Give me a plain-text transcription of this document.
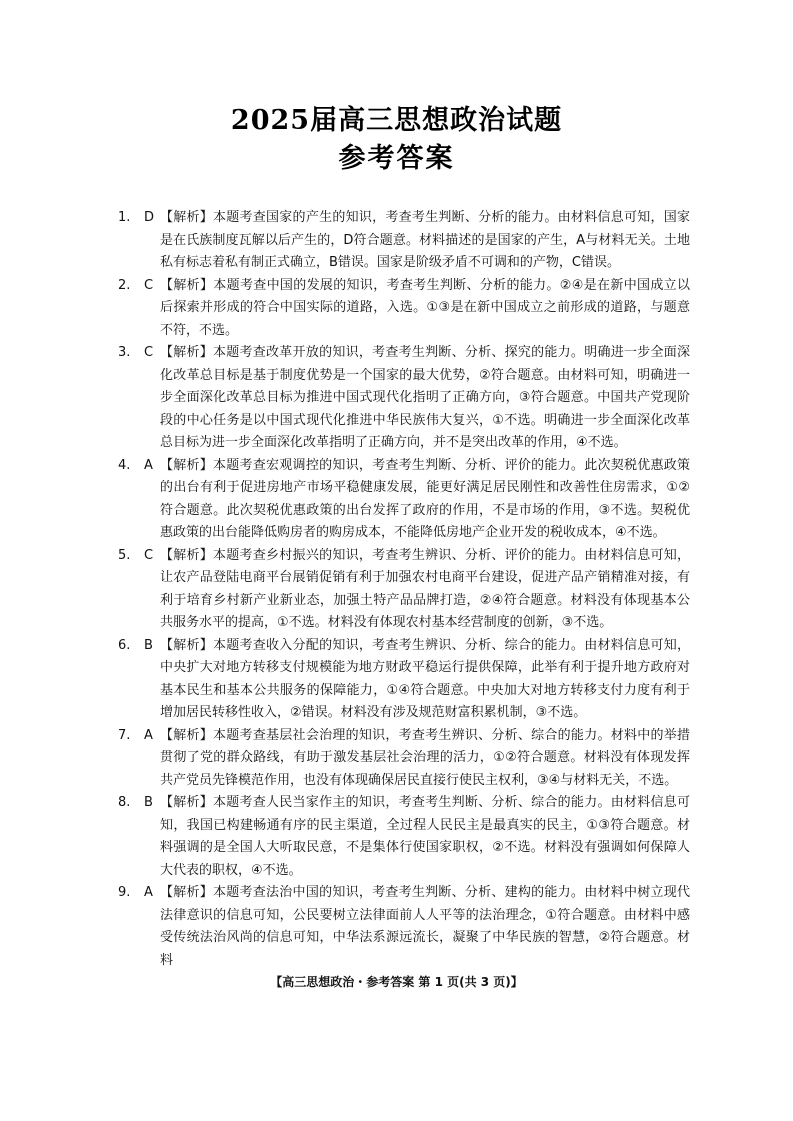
2025届高三思想政治试题
参考答案
1.	D 【解析】本题考查国家的产生的知识，考查考生判断、分析的能力。由材料信息可知，国家是在氏族制度瓦解以后产生的，D符合题意。材料描述的是国家的产生，A与材料无关。土地私有标志着私有制正式确立，B错误。国家是阶级矛盾不可调和的产物，C错误。
2.	C 【解析】本题考查中国的发展的知识，考查考生判断、分析的能力。②④是在新中国成立以后探索并形成的符合中国实际的道路，入选。①③是在新中国成立之前形成的道路，与题意不符，不选。
3.	C 【解析】本题考查改革开放的知识，考查考生判断、分析、探究的能力。明确进一步全面深化改革总目标是基于制度优势是一个国家的最大优势，②符合题意。由材料可知，明确进一步全面深化改革总目标为推进中国式现代化指明了正确方向，③符合题意。中国共产党现阶段的中心任务是以中国式现代化推进中华民族伟大复兴，①不选。明确进一步全面深化改革总目标为进一步全面深化改革指明了正确方向，并不是突出改革的作用，④不选。
4.	A 【解析】本题考查宏观调控的知识，考查考生判断、分析、评价的能力。此次契税优惠政策的出台有利于促进房地产市场平稳健康发展，能更好满足居民刚性和改善性住房需求，①②符合题意。此次契税优惠政策的出台发挥了政府的作用，不是市场的作用，③不选。契税优惠政策的出台能降低购房者的购房成本，不能降低房地产企业开发的税收成本，④不选。
5.	C 【解析】本题考查乡村振兴的知识，考查考生辨识、分析、评价的能力。由材料信息可知，让农产品登陆电商平台展销促销有利于加强农村电商平台建设，促进产品产销精准对接，有利于培育乡村新产业新业态，加强土特产品品牌打造，②④符合题意。材料没有体现基本公共服务水平的提高，①不选。材料没有体现农村基本经营制度的创新，③不选。
6.	B 【解析】本题考查收入分配的知识，考查考生辨识、分析、综合的能力。由材料信息可知，中央扩大对地方转移支付规模能为地方财政平稳运行提供保障，此举有利于提升地方政府对基本民生和基本公共服务的保障能力，①④符合题意。中央加大对地方转移支付力度有利于增加居民转移性收入，②错误。材料没有涉及规范财富积累机制，③不选。
7.	A 【解析】本题考查基层社会治理的知识，考查考生辨识、分析、综合的能力。材料中的举措贯彻了党的群众路线，有助于激发基层社会治理的活力，①②符合题意。材料没有体现发挥共产党员先锋模范作用，也没有体现确保居民直接行使民主权利，③④与材料无关，不选。
8.	B 【解析】本题考查人民当家作主的知识，考查考生判断、分析、综合的能力。由材料信息可知，我国已构建畅通有序的民主渠道，全过程人民民主是最真实的民主，①③符合题意。材料强调的是全国人大听取民意，不是集体行使国家职权，②不选。材料没有强调如何保障人大代表的职权，④不选。
9.	A 【解析】本题考查法治中国的知识，考查考生判断、分析、建构的能力。由材料中树立现代法律意识的信息可知，公民要树立法律面前人人平等的法治理念，①符合题意。由材料中感受传统法治风尚的信息可知，中华法系源远流长，凝聚了中华民族的智慧，②符合题意。材料
【高三思想政治・参考答案 第 1 页(共 3 页)】
